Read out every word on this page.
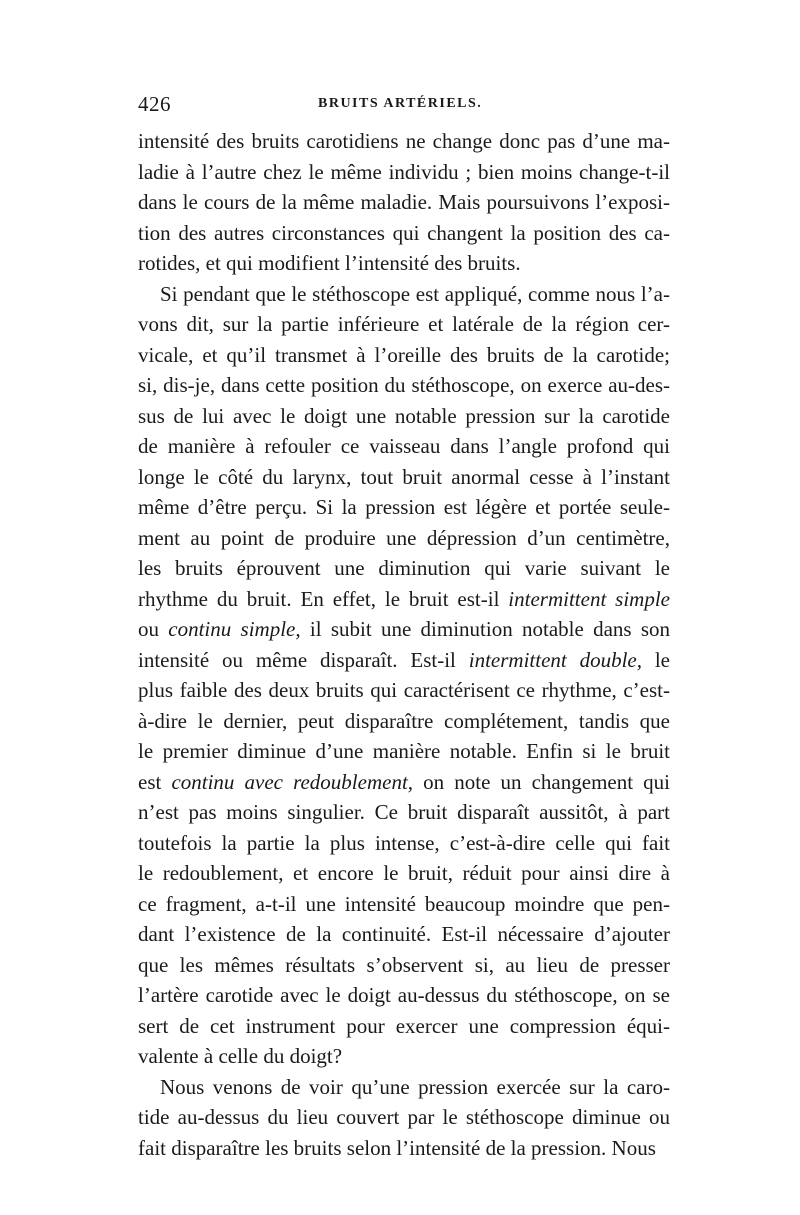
426	BRUITS ARTÉRIELS.
intensité des bruits carotidiens ne change donc pas d’une ma-
ladie à l’autre chez le même individu ; bien moins change-t-il
dans le cours de la même maladie. Mais poursuivons l’exposi-
tion des autres circonstances qui changent la position des ca-
rotides, et qui modifient l’intensité des bruits.
Si pendant que le stéthoscope est appliqué, comme nous l’a-
vons dit, sur la partie inférieure et latérale de la région cer-
vicale, et qu’il transmet à l’oreille des bruits de la carotide;
si, dis-je, dans cette position du stéthoscope, on exerce au-des-
sus de lui avec le doigt une notable pression sur la carotide
de manière à refouler ce vaisseau dans l’angle profond qui
longe le côté du larynx, tout bruit anormal cesse à l’instant
même d’être perçu. Si la pression est légère et portée seule-
ment au point de produire une dépression d’un centimètre,
les bruits éprouvent une diminution qui varie suivant le
rhythme du bruit. En effet, le bruit est-il intermittent simple
ou continu simple, il subit une diminution notable dans son
intensité ou même disparaît. Est-il intermittent double, le
plus faible des deux bruits qui caractérisent ce rhythme, c’est-
à-dire le dernier, peut disparaître complétement, tandis que
le premier diminue d’une manière notable. Enfin si le bruit
est continu avec redoublement, on note un changement qui
n’est pas moins singulier. Ce bruit disparaît aussitôt, à part
toutefois la partie la plus intense, c’est-à-dire celle qui fait
le redoublement, et encore le bruit, réduit pour ainsi dire à
ce fragment, a-t-il une intensité beaucoup moindre que pen-
dant l’existence de la continuité. Est-il nécessaire d’ajouter
que les mêmes résultats s’observent si, au lieu de presser
l’artère carotide avec le doigt au-dessus du stéthoscope, on se
sert de cet instrument pour exercer une compression équi-
valente à celle du doigt?
Nous venons de voir qu’une pression exercée sur la caro-
tide au-dessus du lieu couvert par le stéthoscope diminue ou
fait disparaître les bruits selon l’intensité de la pression. Nous
